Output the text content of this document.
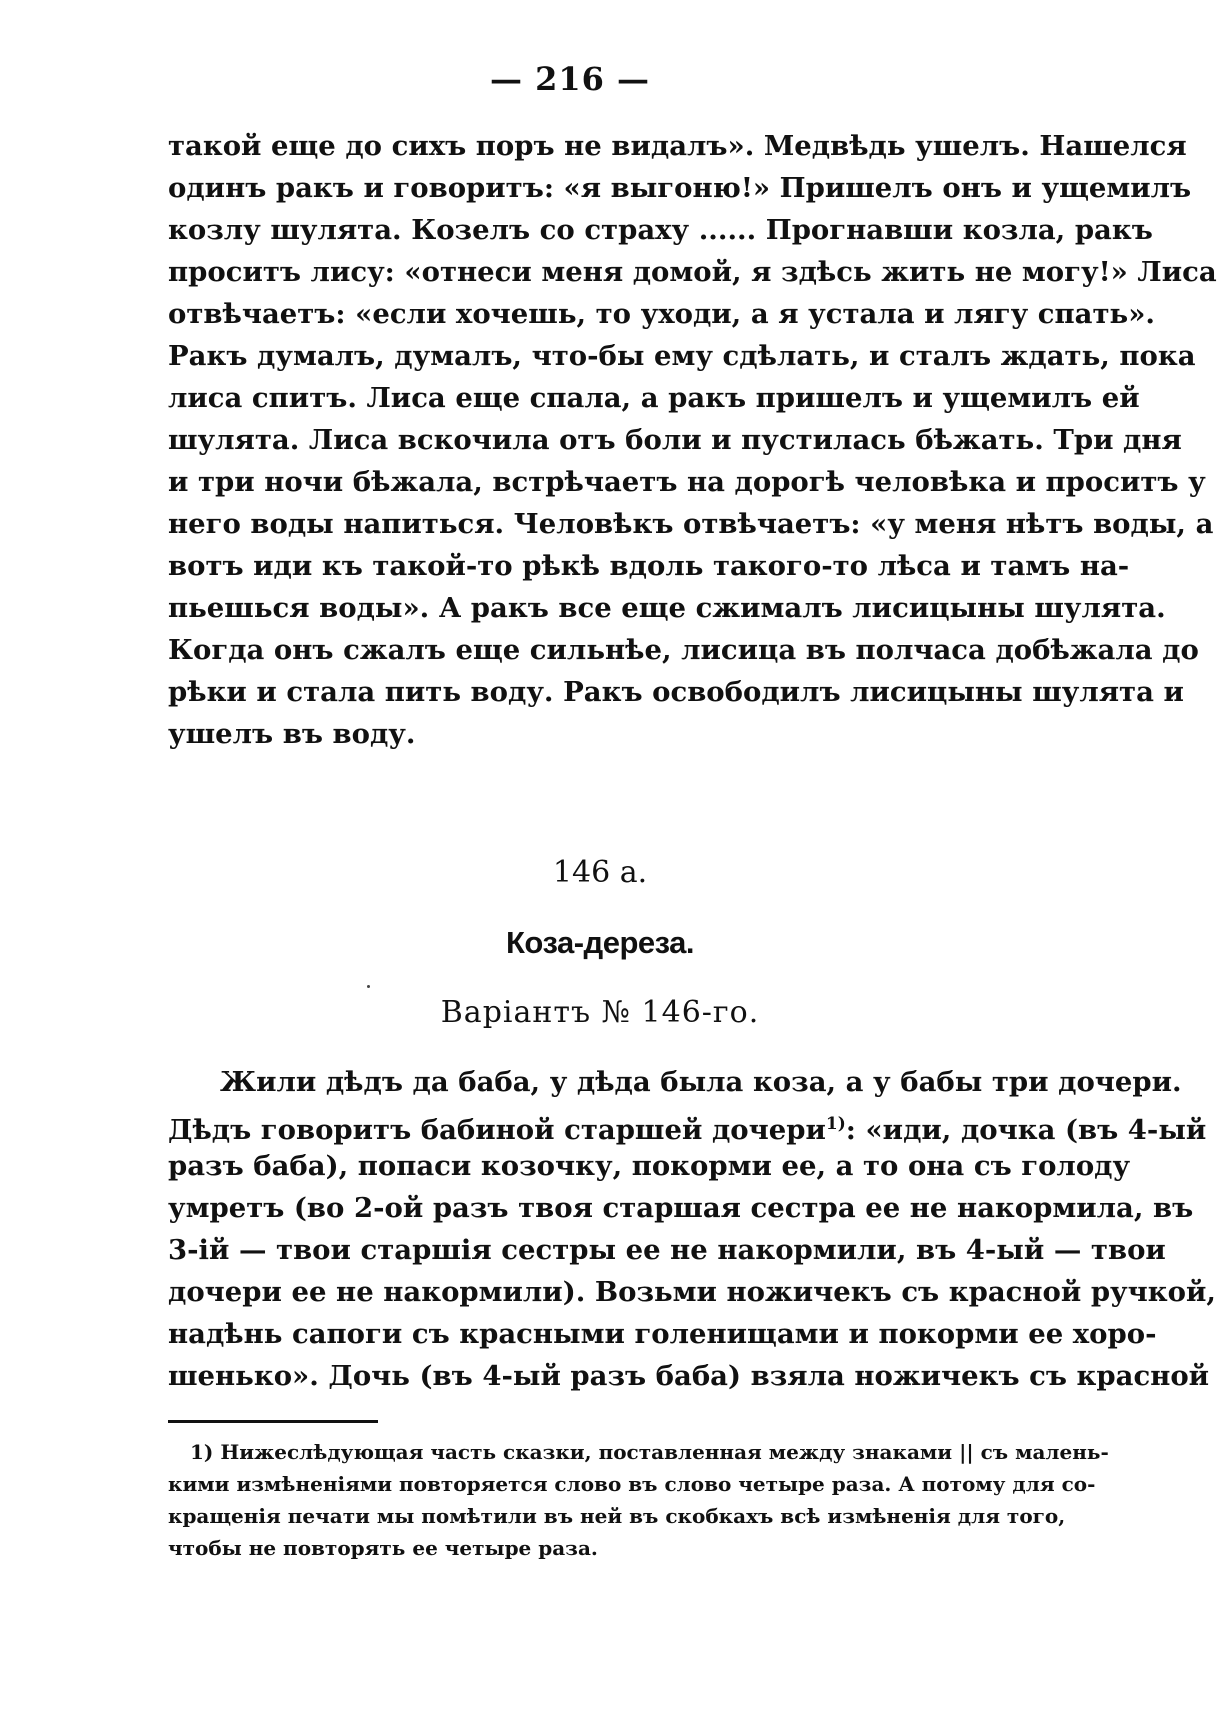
— 216 —

такой еще до сихъ поръ не видалъ». Медвѣдь ушелъ. Нашелся

одинъ ракъ и говоритъ: «я выгоню!» Пришелъ онъ и ущемилъ

козлу шулята. Козелъ со страху ...... Прогнавши козла, ракъ

проситъ лису: «отнеси меня домой, я здѣсь жить не могу!» Лиса

отвѣчаетъ: «если хочешь, то уходи, а я устала и лягу спать».

Ракъ думалъ, думалъ, что-бы ему сдѣлать, и сталъ ждать, пока

лиса спитъ. Лиса еще спала, а ракъ пришелъ и ущемилъ ей

шулята. Лиса вскочила отъ боли и пустилась бѣжать. Три дня

и три ночи бѣжала, встрѣчаетъ на дорогѣ человѣка и проситъ у

него воды напиться. Человѣкъ отвѣчаетъ: «у меня нѣтъ воды, а

вотъ иди къ такой-то рѣкѣ вдоль такого-то лѣса и тамъ на-

пьешься воды». А ракъ все еще сжималъ лисицыны шулята.

Когда онъ сжалъ еще сильнѣе, лисица въ полчаса добѣжала до

рѣки и стала пить воду. Ракъ освободилъ лисицыны шулята и

ушелъ въ воду.

146 а.
Коза-дереза.
Варiантъ № 146-го.

Жили дѣдъ да баба, у дѣда была коза, а у бабы три дочери.

Дѣдъ говоритъ бабиной старшей дочери$^{1)}$: «иди, дочка (въ 4-ый

разъ баба), попаси козочку, покорми ее, а то она съ голоду

умретъ (во 2-ой разъ твоя старшая сестра ее не накормила, въ

3-iй — твои старшiя сестры ее не накормили, въ 4-ый — твои

дочери ее не накормили). Возьми ножичекъ съ красной ручкой,

надѣнь сапоги съ красными голенищами и покорми ее хоро-

шенько». Дочь (въ 4-ый разъ баба) взяла ножичекъ съ красной

1) Нижеслѣдующая часть сказки, поставленная между знаками || съ малень-

кими измѣненiями повторяется слово въ слово четыре раза. А потому для со-

кращенiя печати мы помѣтили въ ней въ скобкахъ всѣ измѣненiя для того,

чтобы не повторять ее четыре раза.
